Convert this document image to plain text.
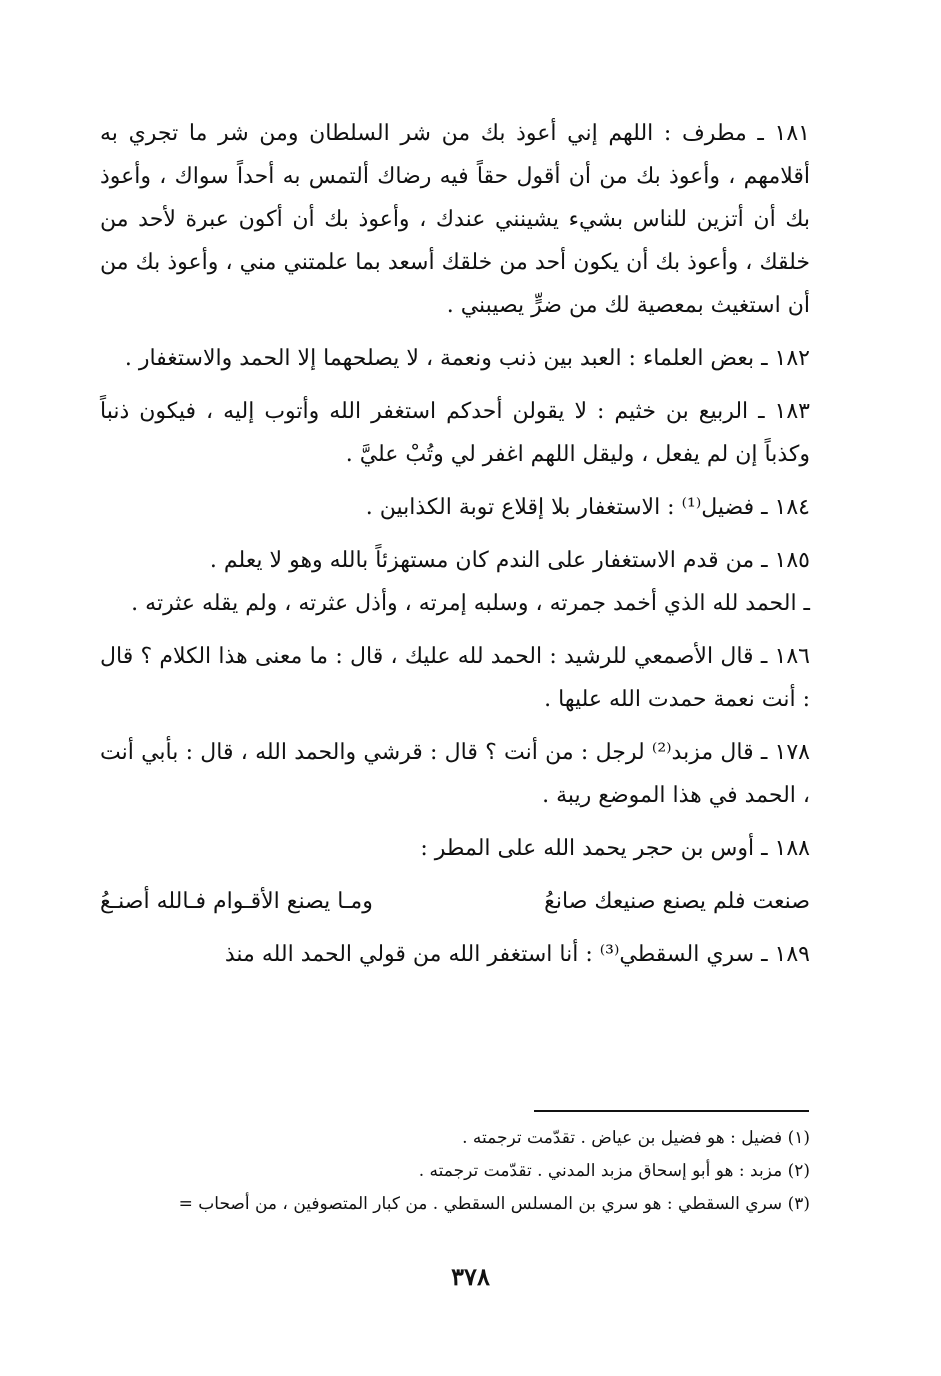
١٨١ ـ مطرف : اللهم إني أعوذ بك من شر السلطان ومن شر ما تجري به أقلامهم ، وأعوذ بك من أن أقول حقاً فيه رضاك ألتمس به أحداً سواك ، وأعوذ بك أن أتزين للناس بشيء يشينني عندك ، وأعوذ بك أن أكون عبرة لأحد من خلقك ، وأعوذ بك أن يكون أحد من خلقك أسعد بما علمتني مني ، وأعوذ بك من أن استغيث بمعصية لك من ضرٍّ يصيبني .

١٨٢ ـ بعض العلماء : العبد بين ذنب ونعمة ، لا يصلحهما إلا الحمد والاستغفار .

١٨٣ ـ الربيع بن خثيم : لا يقولن أحدكم استغفر الله وأتوب إليه ، فيكون ذنباً وكذباً إن لم يفعل ، وليقل اللهم اغفر لي وتُبْ عليَّ .

١٨٤ ـ فضيل⁽¹⁾ : الاستغفار بلا إقلاع توبة الكذابين .

١٨٥ ـ من قدم الاستغفار على الندم كان مستهزئاً بالله وهو لا يعلم .

ـ الحمد لله الذي أخمد جمرته ، وسلبه إمرته ، وأذل عثرته ، ولم يقله عثرته .

١٨٦ ـ قال الأصمعي للرشيد : الحمد لله عليك ، قال : ما معنى هذا الكلام ؟ قال : أنت نعمة حمدت الله عليها .

١٧٨ ـ قال مزبد⁽²⁾ لرجل : من أنت ؟ قال : قرشي والحمد الله ، قال : بأبي أنت ، الحمد في هذا الموضع ريبة .

١٨٨ ـ أوس بن حجر يحمد الله على المطر :

صنعت فلم يصنع صنيعك صانعُ
ومـا يصنع الأقـوام فـالله أصنـعُ

١٨٩ ـ سري السقطي⁽³⁾ : أنا استغفر الله من قولي الحمد الله منذ

(١) فضيل : هو فضيل بن عياض . تقدّمت ترجمته .

(٢) مزبد : هو أبو إسحاق مزبد المدني . تقدّمت ترجمته .

(٣) سري السقطي : هو سري بن المسلس السقطي . من كبار المتصوفين ، من أصحاب =

٣٧٨
